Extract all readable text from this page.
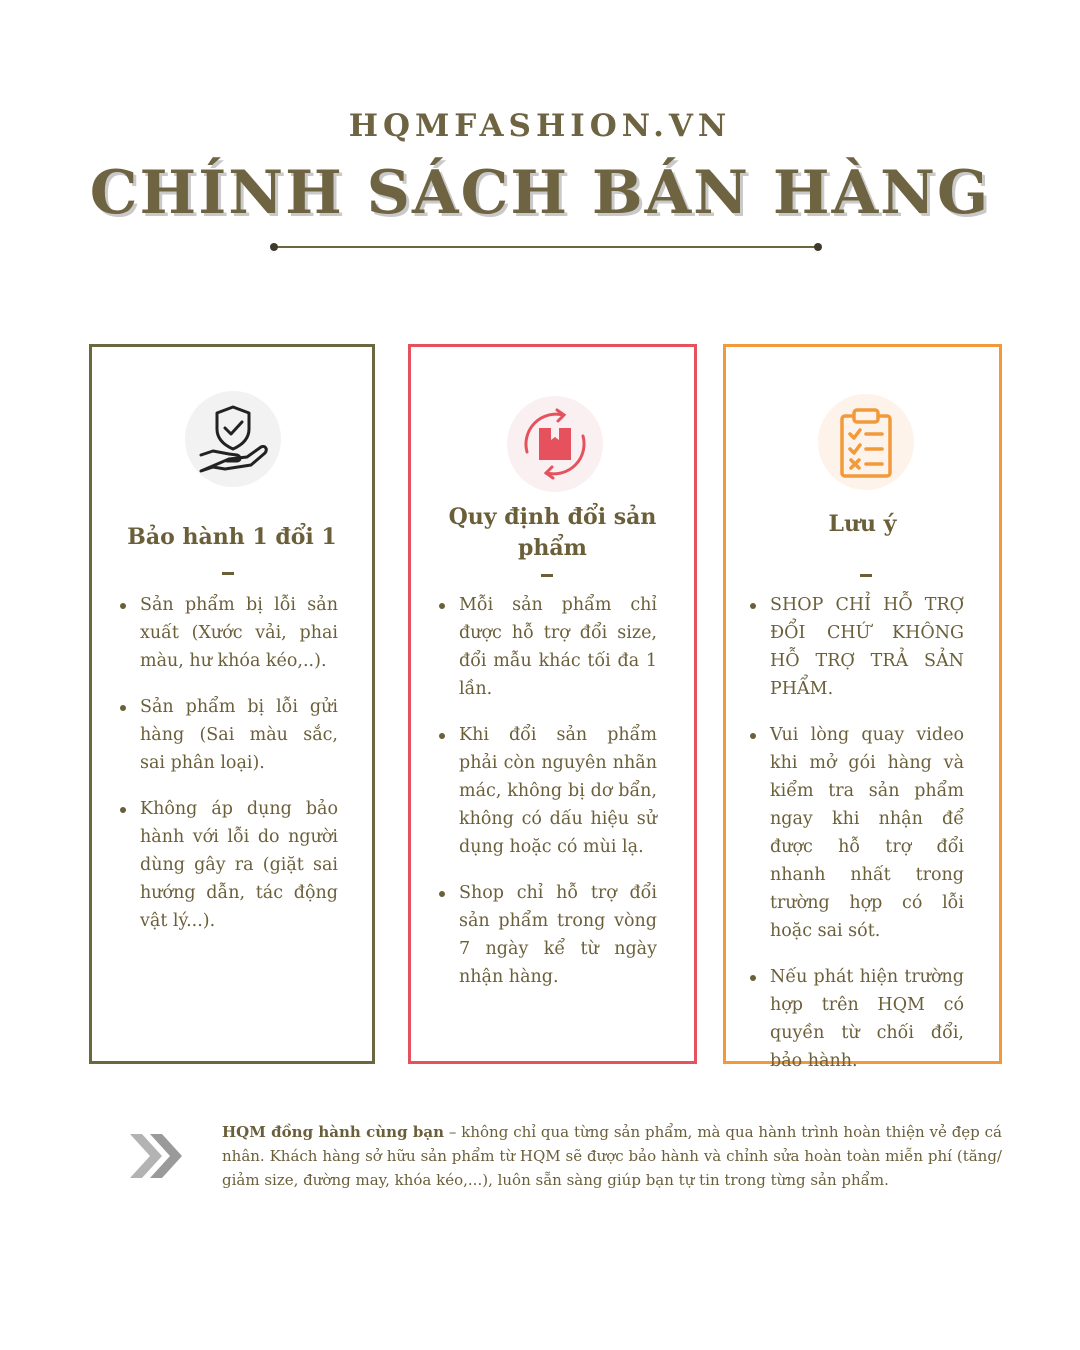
HQMFASHION.VN
CHÍNH SÁCH BÁN HÀNG
Bảo hành 1 đổi 1
Sản phẩm bị lỗi sản xuất (Xước vải, phai màu, hư khóa kéo,..).
Sản phẩm bị lỗi gửi hàng (Sai màu sắc, sai phân loại).
Không áp dụng bảo hành với lỗi do người dùng gây ra (giặt sai hướng dẫn, tác động vật lý...).
Quy định đổi sản phẩm
Mỗi sản phẩm chỉ được hỗ trợ đổi size, đổi mẫu khác tối đa 1 lần.
Khi đổi sản phẩm phải còn nguyên nhãn mác, không bị dơ bẩn, không có dấu hiệu sử dụng hoặc có mùi lạ.
Shop chỉ hỗ trợ đổi sản phẩm trong vòng 7 ngày kể từ ngày nhận hàng.
Lưu ý
SHOP CHỈ HỖ TRỢ ĐỔI CHỨ KHÔNG HỖ TRỢ TRẢ SẢN PHẨM.
Vui lòng quay video khi mở gói hàng và kiểm tra sản phẩm ngay khi nhận để được hỗ trợ đổi nhanh nhất trong trường hợp có lỗi hoặc sai sót.
Nếu phát hiện trường hợp trên HQM có quyền từ chối đổi, bảo hành.
HQM đồng hành cùng bạn – không chỉ qua từng sản phẩm, mà qua hành trình hoàn thiện vẻ đẹp cá nhân. Khách hàng sở hữu sản phẩm từ HQM sẽ được bảo hành và chỉnh sửa hoàn toàn miễn phí (tăng/ giảm size, đường may, khóa kéo,...), luôn sẵn sàng giúp bạn tự tin trong từng sản phẩm.
